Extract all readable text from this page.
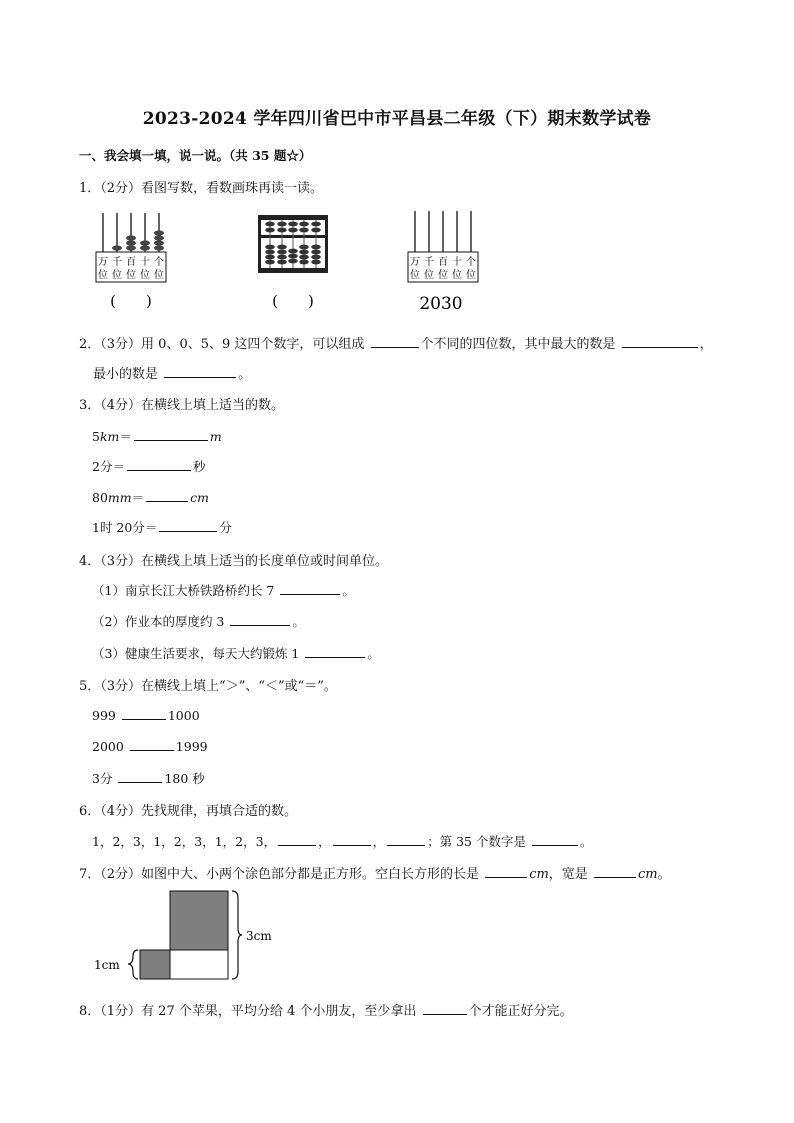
2023-2024 学年四川省巴中市平昌县二年级（下）期末数学试卷
一、我会填一填，说一说。（共 35 题☆）
1．（2分）看图写数，看数画珠再读一读。
万 千 百 十 个
位 位 位 位 位
(　　)	(　　)
万 千 百 十 个
位 位 位 位 位
2030
2．（3分）用 0、0、5、9 这四个数字，可以组成	个不同的四位数，其中最大的数是	，
最小的数是	。
3．（4分）在横线上填上适当的数。
5km＝	m
2分＝	秒
80mm＝	cm
1时 20分＝	分
4．（3分）在横线上填上适当的长度单位或时间单位。
（1）南京长江大桥铁路桥约长 7	。
（2）作业本的厚度约 3	。
（3）健康生活要求，每天大约锻炼 1	。
5．（3分）在横线上填上“＞”、“＜”或“＝”。
999	1000
2000	1999
3分	180 秒
6．（4分）先找规律，再填合适的数。
1，2，3，1，2，3，1，2，3，	，	，	；第 35 个数字是	。
7．（2分）如图中大、小两个涂色部分都是正方形。空白长方形的长是	cm，宽是	cm。
3cm
1cm
8．（1分）有 27 个苹果，平均分给 4 个小朋友，至少拿出	个才能正好分完。
